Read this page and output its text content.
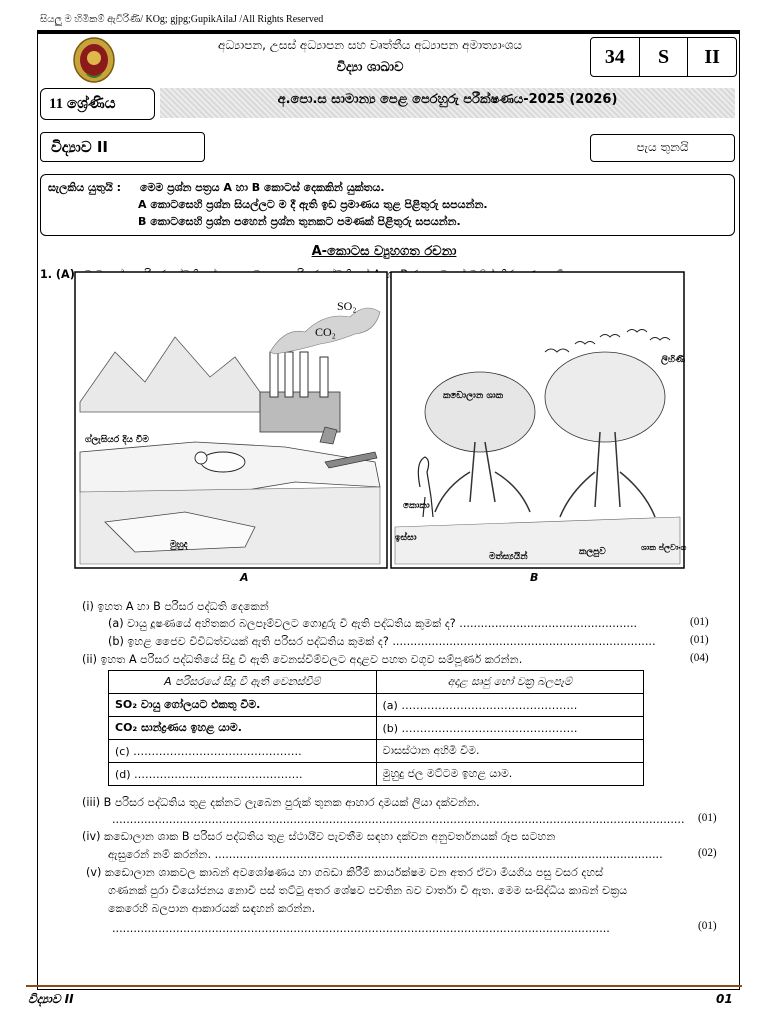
සියලු ම හිමිකම් ඇවිරිණි/ KOg; gjpg;GupikAilaJ /All Rights Reserved
අධ්‍යාපන, උසස් අධ්‍යාපන සහ වෘත්තීය අධ්‍යාපන අමාත්‍යාංශය
විද්‍යා ශාඛාව	34	S	II
11 ශ්‍රේණිය	අ.පො.ස සාමාන්‍ය පෙළ පෙරහුරු පරීක්ෂණය-2025 (2026)
විද්‍යාව II	පැය තුනයි
සැලකිය යුතුයි : මෙම ප්‍රශ්න පත්‍රය A හා B කොටස් දෙකකින් යුක්තය.
A කොටසෙහි ප්‍රශ්න සියල්ලට ම දී ඇති ඉඩ ප්‍රමාණය තුළ පිළිතුරු සපයන්න.
B කොටසෙහි ප්‍රශ්න පහෙන් ප්‍රශ්න තුනකට පමණක් පිළිතුරු සපයන්න.
A-කොටස ව්‍යුහගත රචනා
1. (A)
SO₂
CO₂
ග්ලැසියර දිය වීම
මුහුද
A
ලිහිණි
කඩොලාන ශාක
කොකා
ඉස්සා
මත්ස්‍යයින්	කලපුව	ශාක ප්ලවාංග
B
(i) ඉහත A හා B පරිසර පද්ධති දෙකෙන්
(a) වායු දූෂණයේ අහිතකර බලපෑම්වලට ගොදුරු වී ඇති පද්ධතිය කුමක් ද? ..................................................	(01)
(b) ඉහළ ජෛව විවිධත්වයක් ඇති පරිසර පද්ධතිය කුමක් ද? ..........................................................................	(01)
(ii) ඉහත A පරිසර පද්ධතියේ සිදු වී ඇති වෙනස්වීම්වලට අදාළව පහත වගුව සම්පූර්ණ කරන්න.	(04)
A පරිසරයේ සිදු වී ඇති වෙනස්වීම්	අදාළ සෘජු හෝ වක්‍ර බලපෑම්
SO₂ වායු ගෝලයට එකතු වීම.	(a) …………………………………………
CO₂ සාන්ද්‍රණය ඉහළ යාම.	(b) …………………………………………
(c) ……………………………………….	වාසස්ථාන අහිමි වීම.
(d) ……………………………………….	මුහුදු ජල මට්ටම ඉහළ යාම.
(iii) B පරිසර පද්ධතිය තුළ දක්නට ලැබෙන පුරුක් තුනක ආහාර දාමයක් ලියා දක්වන්න.
................................................................................................................................................................. (01)
(iv) කඩොලාන ශාක B පරිසර පද්ධතිය තුළ ස්ථායීව පැවතීම සඳහා දක්වන අනුවර්තනයක් රූප සටහන
ඇසුරෙන් නම් කරන්න. ..............................................................................................................................	(02)
(v) කඩොලාන ශාකවල කාබන් අවශෝෂණය හා ගබඩා කිරීම් කාර්යක්ෂම වන අතර ඒවා මියගිය පසු වසර දහස්
ගණනක් පුරා වියෝජනය නොවී පස් තට්ටු අතර ශේෂව පවතින බව වාර්තා වී ඇත. මෙම සංසිද්ධිය කාබන් චක්‍රය
කෙරෙහි බලපාන ආකාරයක් සඳහන් කරන්න.
............................................................................................................................................	(01)
විද්‍යාව II	01
